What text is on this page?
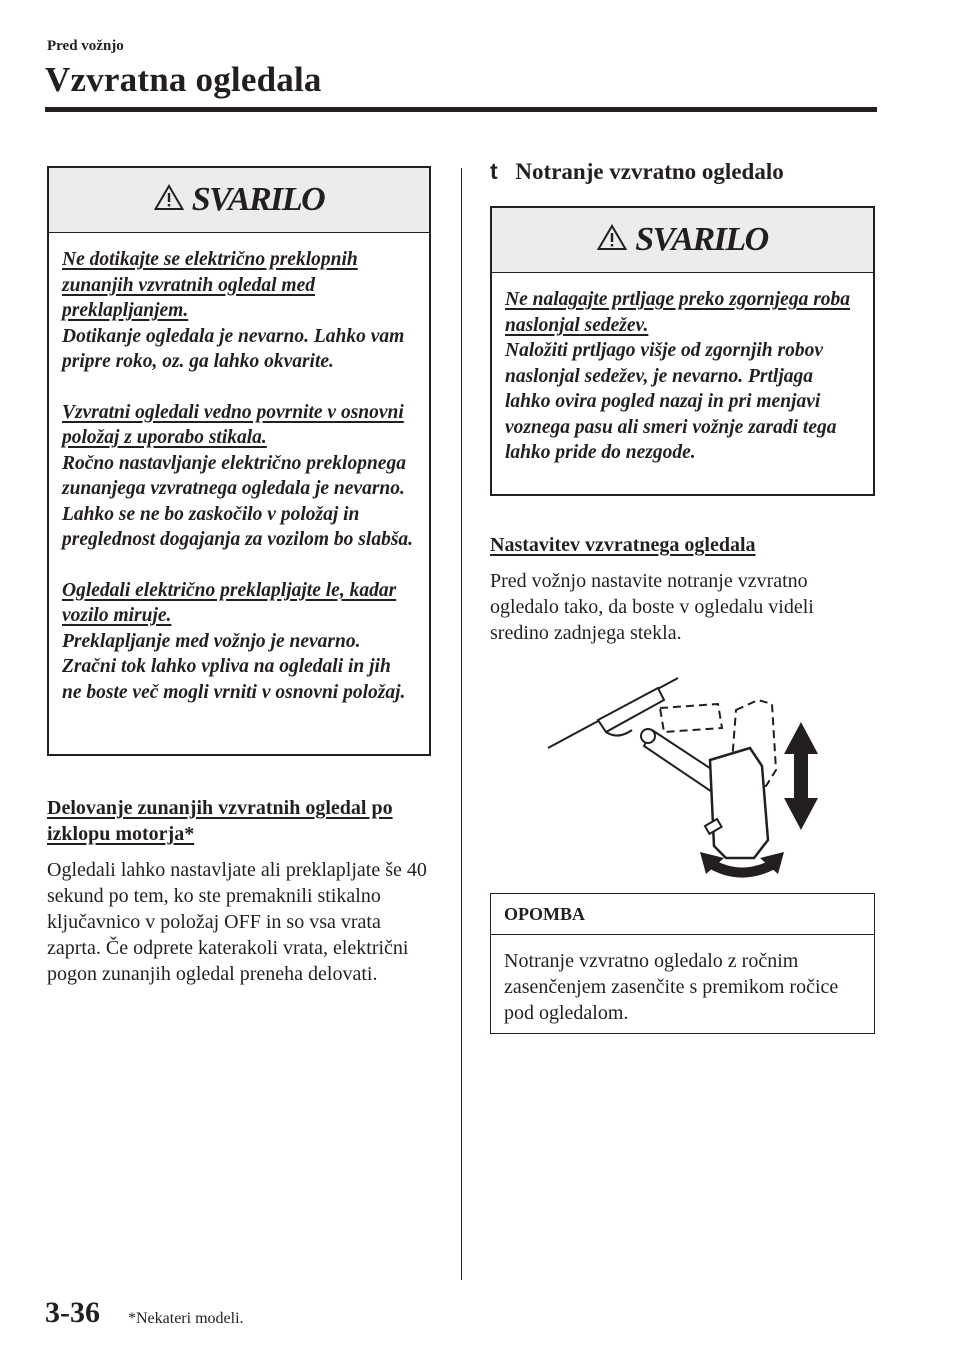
Pred vožnjo
Vzvratna ogledala
SVARILO

Ne dotikajte se električno preklopnih zunanjih vzvratnih ogledal med preklapljanjem.
Dotikanje ogledala je nevarno. Lahko vam pripre roko, oz. ga lahko okvarite.

Vzvratni ogledali vedno povrnite v osnovni položaj z uporabo stikala.
Ročno nastavljanje električno preklopnega zunanjega vzvratnega ogledala je nevarno. Lahko se ne bo zaskočilo v položaj in preglednost dogajanja za vozilom bo slabša.

Ogledali električno preklapljajte le, kadar vozilo miruje.
Preklapljanje med vožnjo je nevarno. Zračni tok lahko vpliva na ogledali in jih ne boste več mogli vrniti v osnovni položaj.

Delovanje zunanjih vzvratnih ogledal po izklopu motorja*
Ogledali lahko nastavljate ali preklapljate še 40 sekund po tem, ko ste premaknili stikalno ključavnico v položaj OFF in so vsa vrata zaprta. Če odprete katerakoli vrata, električni pogon zunanjih ogledal preneha delovati.
t Notranje vzvratno ogledalo
SVARILO

Ne nalagajte prtljage preko zgornjega roba naslonjal sedežev.
Naložiti prtljago višje od zgornjih robov naslonjal sedežev, je nevarno. Prtljaga lahko ovira pogled nazaj in pri menjavi voznega pasu ali smeri vožnje zaradi tega lahko pride do nezgode.

Nastavitev vzvratnega ogledala
Pred vožnjo nastavite notranje vzvratno ogledalo tako, da boste v ogledalu videli sredino zadnjega stekla.
OPOMBA
Notranje vzvratno ogledalo z ročnim zasenčenjem zasenčite s premikom ročice pod ogledalom.
3-36 *Nekateri modeli.
